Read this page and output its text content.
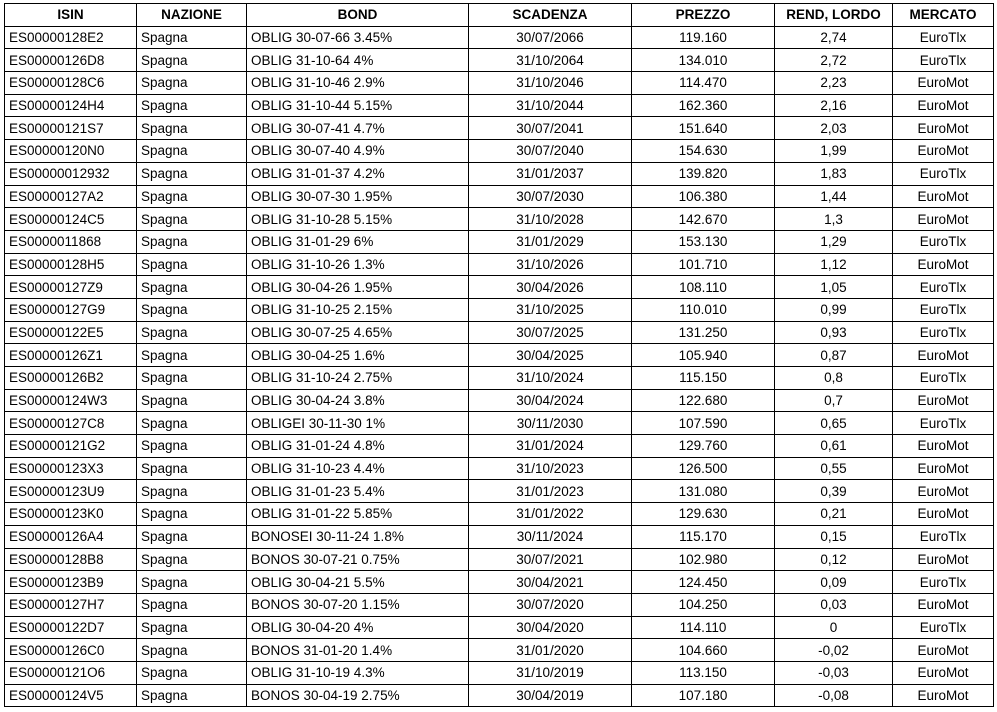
ISIN	NAZIONE	BOND	SCADENZA	PREZZO	REND, LORDO	MERCATO
ES00000128E2	Spagna	OBLIG 30-07-66 3.45%	30/07/2066	119.160	2,74	EuroTlx
ES00000126D8	Spagna	OBLIG 31-10-64 4%	31/10/2064	134.010	2,72	EuroTlx
ES00000128C6	Spagna	OBLIG 31-10-46 2.9%	31/10/2046	114.470	2,23	EuroMot
ES00000124H4	Spagna	OBLIG 31-10-44 5.15%	31/10/2044	162.360	2,16	EuroMot
ES00000121S7	Spagna	OBLIG 30-07-41 4.7%	30/07/2041	151.640	2,03	EuroMot
ES00000120N0	Spagna	OBLIG 30-07-40 4.9%	30/07/2040	154.630	1,99	EuroMot
ES00000012932	Spagna	OBLIG 31-01-37 4.2%	31/01/2037	139.820	1,83	EuroTlx
ES00000127A2	Spagna	OBLIG 30-07-30 1.95%	30/07/2030	106.380	1,44	EuroMot
ES00000124C5	Spagna	OBLIG 31-10-28 5.15%	31/10/2028	142.670	1,3	EuroMot
ES0000011868	Spagna	OBLIG 31-01-29 6%	31/01/2029	153.130	1,29	EuroTlx
ES00000128H5	Spagna	OBLIG 31-10-26 1.3%	31/10/2026	101.710	1,12	EuroMot
ES00000127Z9	Spagna	OBLIG 30-04-26 1.95%	30/04/2026	108.110	1,05	EuroTlx
ES00000127G9	Spagna	OBLIG 31-10-25 2.15%	31/10/2025	110.010	0,99	EuroTlx
ES00000122E5	Spagna	OBLIG 30-07-25 4.65%	30/07/2025	131.250	0,93	EuroTlx
ES00000126Z1	Spagna	OBLIG 30-04-25 1.6%	30/04/2025	105.940	0,87	EuroMot
ES00000126B2	Spagna	OBLIG 31-10-24 2.75%	31/10/2024	115.150	0,8	EuroTlx
ES00000124W3	Spagna	OBLIG 30-04-24 3.8%	30/04/2024	122.680	0,7	EuroMot
ES00000127C8	Spagna	OBLIGEI 30-11-30 1%	30/11/2030	107.590	0,65	EuroTlx
ES00000121G2	Spagna	OBLIG 31-01-24 4.8%	31/01/2024	129.760	0,61	EuroMot
ES00000123X3	Spagna	OBLIG 31-10-23 4.4%	31/10/2023	126.500	0,55	EuroMot
ES00000123U9	Spagna	OBLIG 31-01-23 5.4%	31/01/2023	131.080	0,39	EuroMot
ES00000123K0	Spagna	OBLIG 31-01-22 5.85%	31/01/2022	129.630	0,21	EuroMot
ES00000126A4	Spagna	BONOSEI 30-11-24 1.8%	30/11/2024	115.170	0,15	EuroTlx
ES00000128B8	Spagna	BONOS 30-07-21 0.75%	30/07/2021	102.980	0,12	EuroMot
ES00000123B9	Spagna	OBLIG 30-04-21 5.5%	30/04/2021	124.450	0,09	EuroTlx
ES00000127H7	Spagna	BONOS 30-07-20 1.15%	30/07/2020	104.250	0,03	EuroMot
ES00000122D7	Spagna	OBLIG 30-04-20 4%	30/04/2020	114.110	0	EuroTlx
ES00000126C0	Spagna	BONOS 31-01-20 1.4%	31/01/2020	104.660	-0,02	EuroMot
ES00000121O6	Spagna	OBLIG 31-10-19 4.3%	31/10/2019	113.150	-0,03	EuroMot
ES00000124V5	Spagna	BONOS 30-04-19 2.75%	30/04/2019	107.180	-0,08	EuroMot
